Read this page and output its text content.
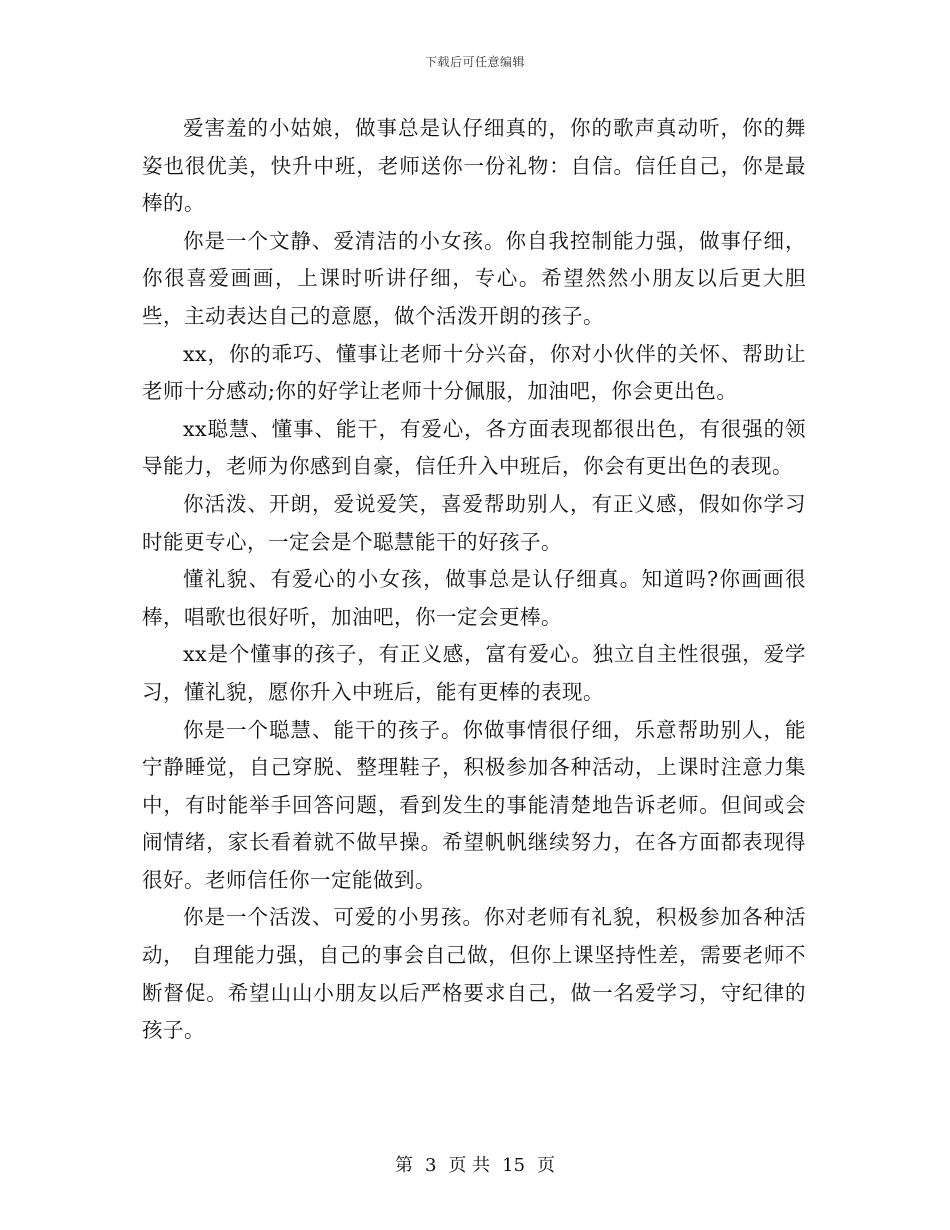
下载后可任意编辑

爱害羞的小姑娘，做事总是认仔细真的，你的歌声真动听，你的舞姿也很优美，快升中班，老师送你一份礼物：自信。信任自己，你是最棒的。

你是一个文静、爱清洁的小女孩。你自我控制能力强，做事仔细，你很喜爱画画，上课时听讲仔细，专心。希望然然小朋友以后更大胆些，主动表达自己的意愿，做个活泼开朗的孩子。

xx，你的乖巧、懂事让老师十分兴奋，你对小伙伴的关怀、帮助让老师十分感动;你的好学让老师十分佩服，加油吧，你会更出色。

xx聪慧、懂事、能干，有爱心，各方面表现都很出色，有很强的领导能力，老师为你感到自豪，信任升入中班后，你会有更出色的表现。

你活泼、开朗，爱说爱笑，喜爱帮助别人，有正义感，假如你学习时能更专心，一定会是个聪慧能干的好孩子。

懂礼貌、有爱心的小女孩，做事总是认仔细真。知道吗?你画画很棒，唱歌也很好听，加油吧，你一定会更棒。

xx是个懂事的孩子，有正义感，富有爱心。独立自主性很强，爱学习，懂礼貌，愿你升入中班后，能有更棒的表现。

你是一个聪慧、能干的孩子。你做事情很仔细，乐意帮助别人，能宁静睡觉，自己穿脱、整理鞋子，积极参加各种活动，上课时注意力集中，有时能举手回答问题，看到发生的事能清楚地告诉老师。但间或会闹情绪，家长看着就不做早操。希望帆帆继续努力，在各方面都表现得很好。老师信任你一定能做到。

你是一个活泼、可爱的小男孩。你对老师有礼貌，积极参加各种活动， 自理能力强，自己的事会自己做，但你上课坚持性差，需要老师不断督促。希望山山小朋友以后严格要求自己，做一名爱学习，守纪律的孩子。

第 3 页 共 15 页
